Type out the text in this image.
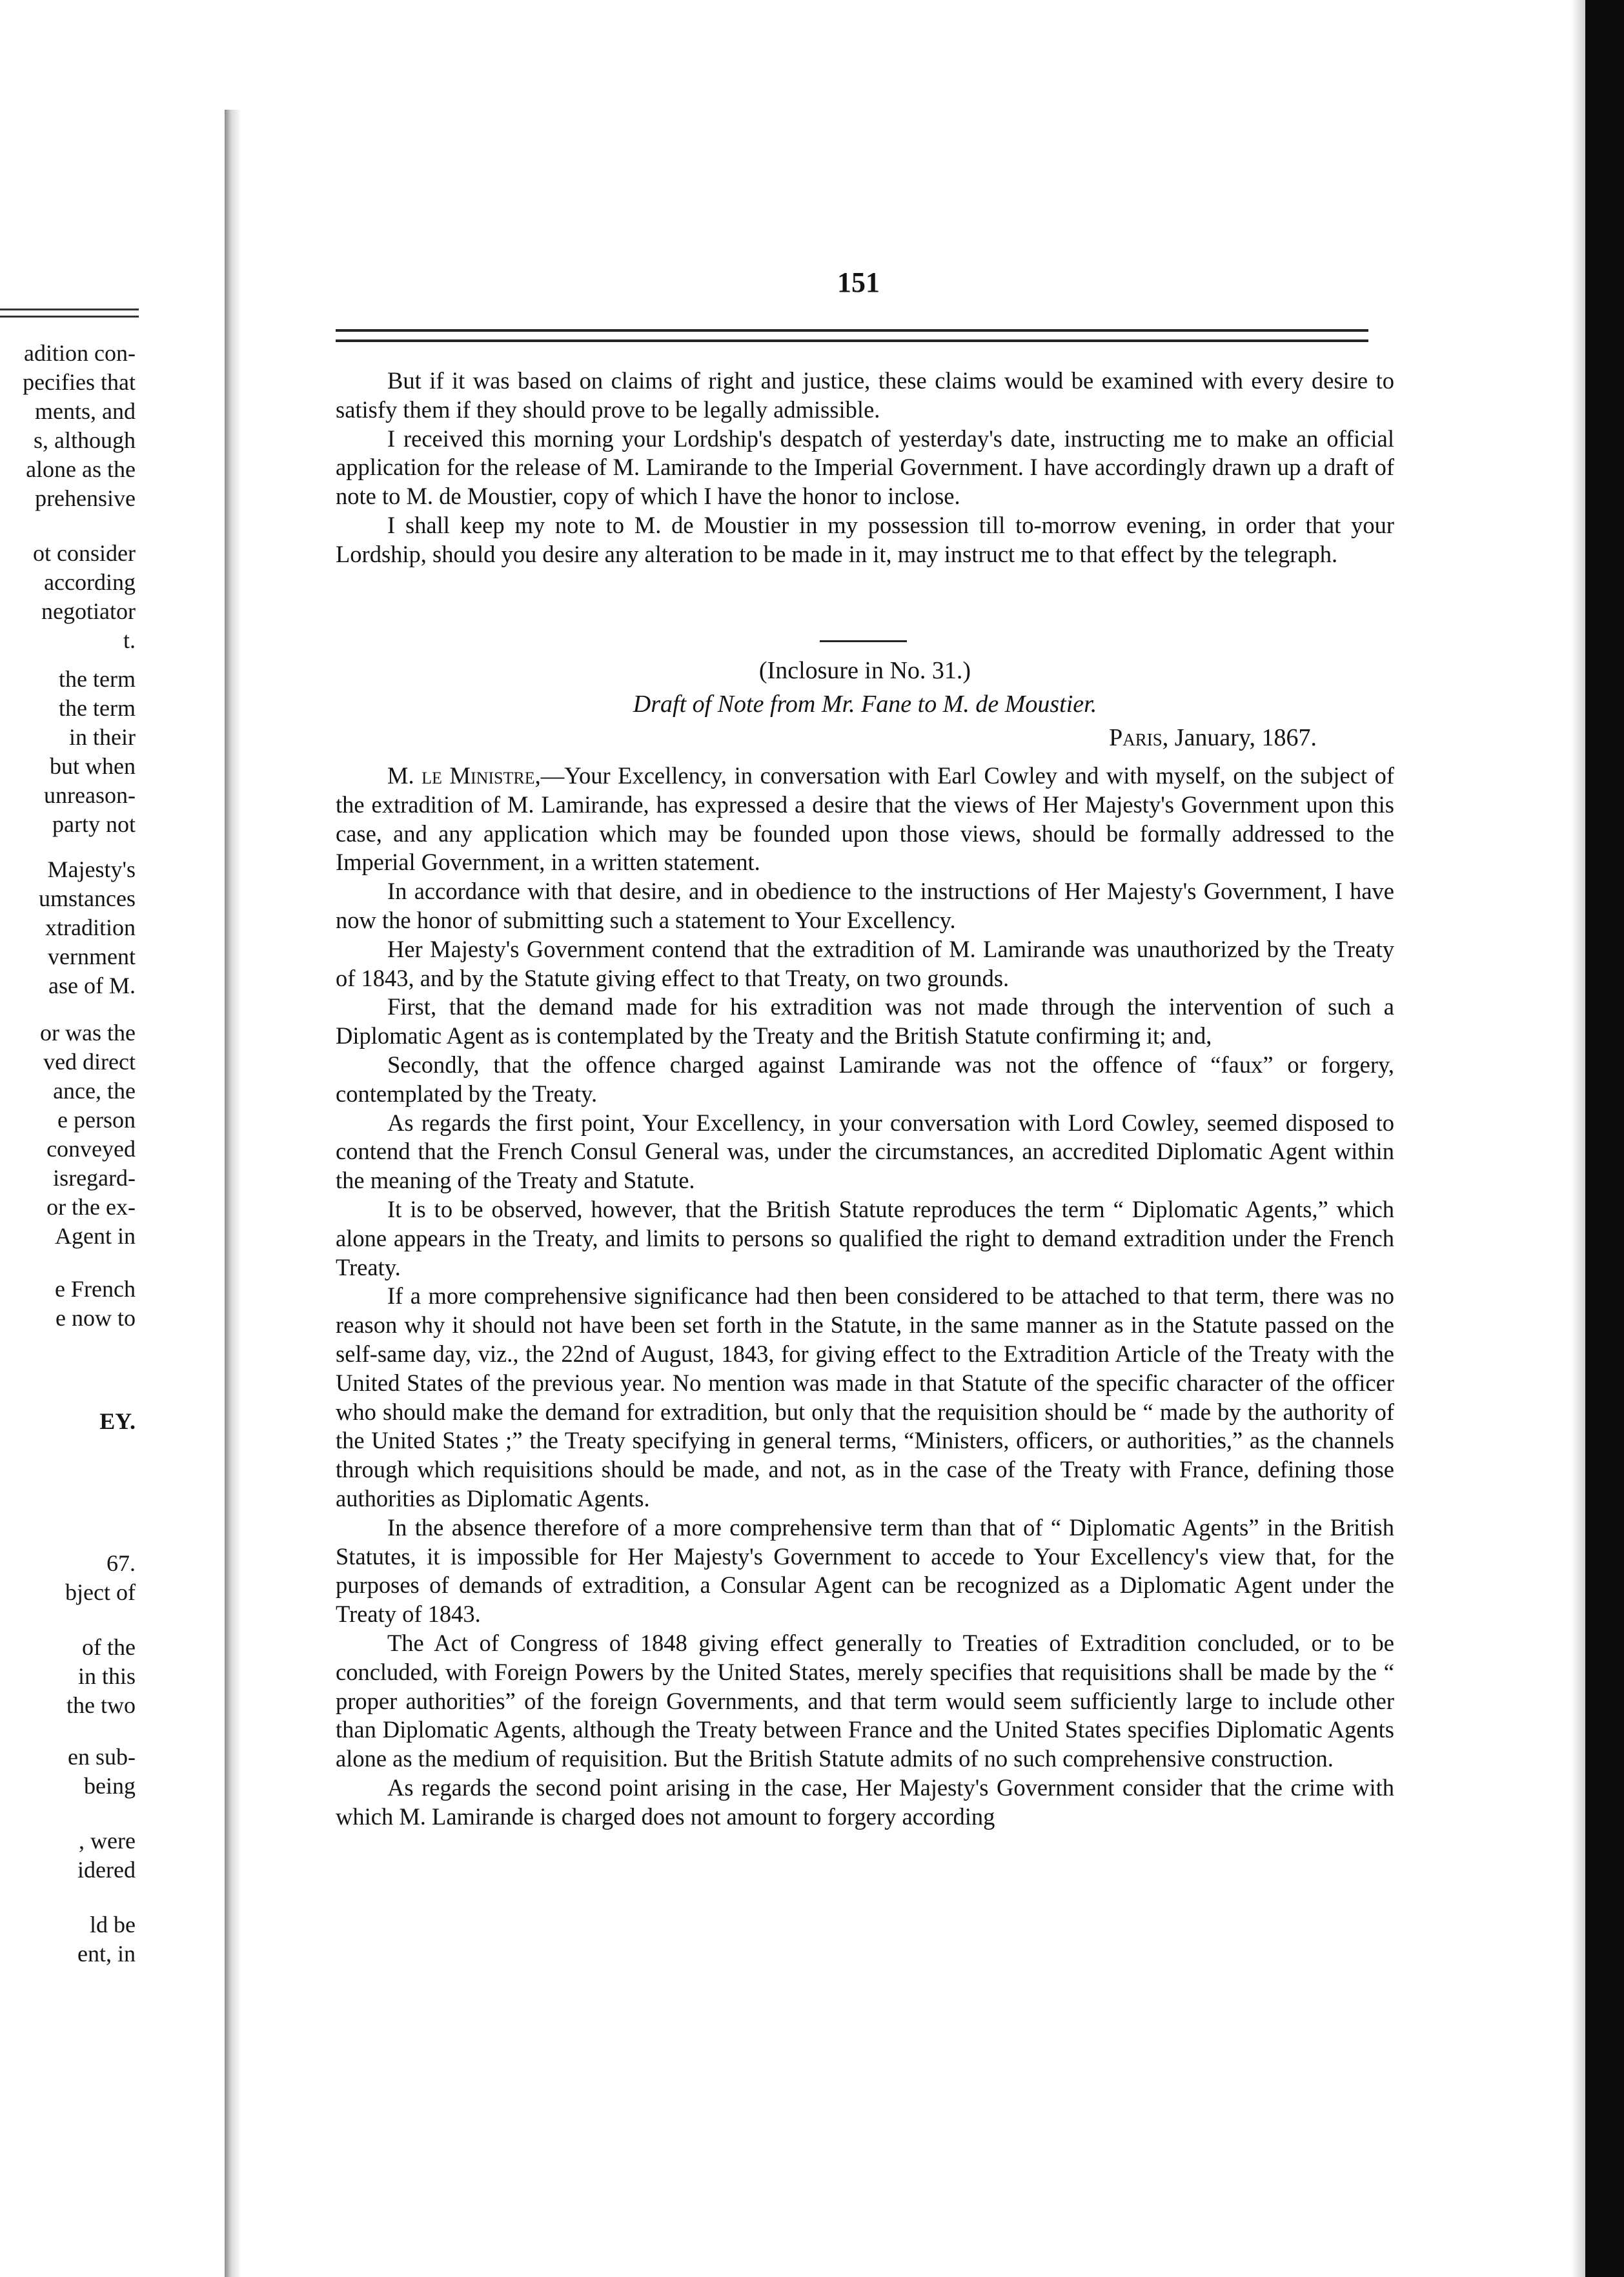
adition con-
pecifies that
ments, and
s, although
alone as the
prehensive
ot consider
according
negotiator
t.
the term
the term
in their
but when
unreason-
party not
Majesty's
umstances
xtradition
vernment
ase of M.
or was the
ved direct
ance, the
e person
conveyed
isregard-
or the ex-
Agent in
e French
e now to
EY.
67.
bject of
of the
in this
the two
en sub-
being
, were
idered
ld be
ent, in
151

But if it was based on claims of right and justice, these claims would be examined with every desire to satisfy them if they should prove to be legally admissible.

I received this morning your Lordship's despatch of yesterday's date, instructing me to make an official application for the release of M. Lamirande to the Imperial Government. I have accordingly drawn up a draft of note to M. de Moustier, copy of which I have the honor to inclose.

I shall keep my note to M. de Moustier in my possession till to-morrow evening, in order that your Lordship, should you desire any alteration to be made in it, may instruct me to that effect by the telegraph.

(Inclosure in No. 31.)
Draft of Note from Mr. Fane to M. de Moustier.
Paris, January, 1867.

M. le Ministre,—Your Excellency, in conversation with Earl Cowley and with myself, on the subject of the extradition of M. Lamirande, has expressed a desire that the views of Her Majesty's Government upon this case, and any application which may be founded upon those views, should be formally addressed to the Imperial Government, in a written statement.

In accordance with that desire, and in obedience to the instructions of Her Majesty's Government, I have now the honor of submitting such a statement to Your Excellency.

Her Majesty's Government contend that the extradition of M. Lamirande was unauthorized by the Treaty of 1843, and by the Statute giving effect to that Treaty, on two grounds.

First, that the demand made for his extradition was not made through the intervention of such a Diplomatic Agent as is contemplated by the Treaty and the British Statute confirming it; and,

Secondly, that the offence charged against Lamirande was not the offence of “faux” or forgery, contemplated by the Treaty.

As regards the first point, Your Excellency, in your conversation with Lord Cowley, seemed disposed to contend that the French Consul General was, under the circumstances, an accredited Diplomatic Agent within the meaning of the Treaty and Statute.

It is to be observed, however, that the British Statute reproduces the term “ Diplomatic Agents,” which alone appears in the Treaty, and limits to persons so qualified the right to demand extradition under the French Treaty.

If a more comprehensive significance had then been considered to be attached to that term, there was no reason why it should not have been set forth in the Statute, in the same manner as in the Statute passed on the self-same day, viz., the 22nd of August, 1843, for giving effect to the Extradition Article of the Treaty with the United States of the previous year. No mention was made in that Statute of the specific character of the officer who should make the demand for extradition, but only that the requisition should be “ made by the authority of the United States ;” the Treaty specifying in general terms, “Ministers, officers, or authorities,” as the channels through which requisitions should be made, and not, as in the case of the Treaty with France, defining those authorities as Diplomatic Agents.

In the absence therefore of a more comprehensive term than that of “ Diplomatic Agents” in the British Statutes, it is impossible for Her Majesty's Government to accede to Your Excellency's view that, for the purposes of demands of extradition, a Consular Agent can be recognized as a Diplomatic Agent under the Treaty of 1843.

The Act of Congress of 1848 giving effect generally to Treaties of Extradition concluded, or to be concluded, with Foreign Powers by the United States, merely specifies that requisitions shall be made by the “ proper authorities” of the foreign Governments, and that term would seem sufficiently large to include other than Diplomatic Agents, although the Treaty between France and the United States specifies Diplomatic Agents alone as the medium of requisition. But the British Statute admits of no such comprehensive construction.

As regards the second point arising in the case, Her Majesty's Government consider that the crime with which M. Lamirande is charged does not amount to forgery according
